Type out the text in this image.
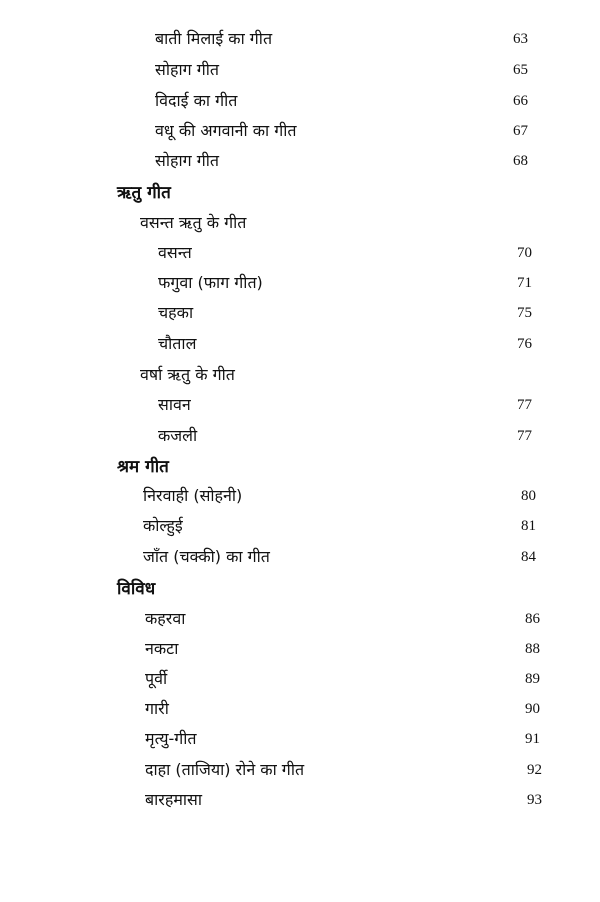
बाती मिलाई का गीत	63
सोहाग गीत	65
विदाई का गीत	66
वधू की अगवानी का गीत	67
सोहाग गीत	68
ऋतु गीत
वसन्त ऋतु के गीत
वसन्त	70
फगुवा (फाग गीत)	71
चहका	75
चौताल	76
वर्षा ऋतु के गीत
सावन	77
कजली	77
श्रम गीत
निरवाही (सोहनी)	80
कोल्हुई	81
जाँत (चक्की) का गीत	84
विविध
कहरवा	86
नकटा	88
पूर्वी	89
गारी	90
मृत्यु-गीत	91
दाहा (ताजिया) रोने का गीत	92
बारहमासा	93
